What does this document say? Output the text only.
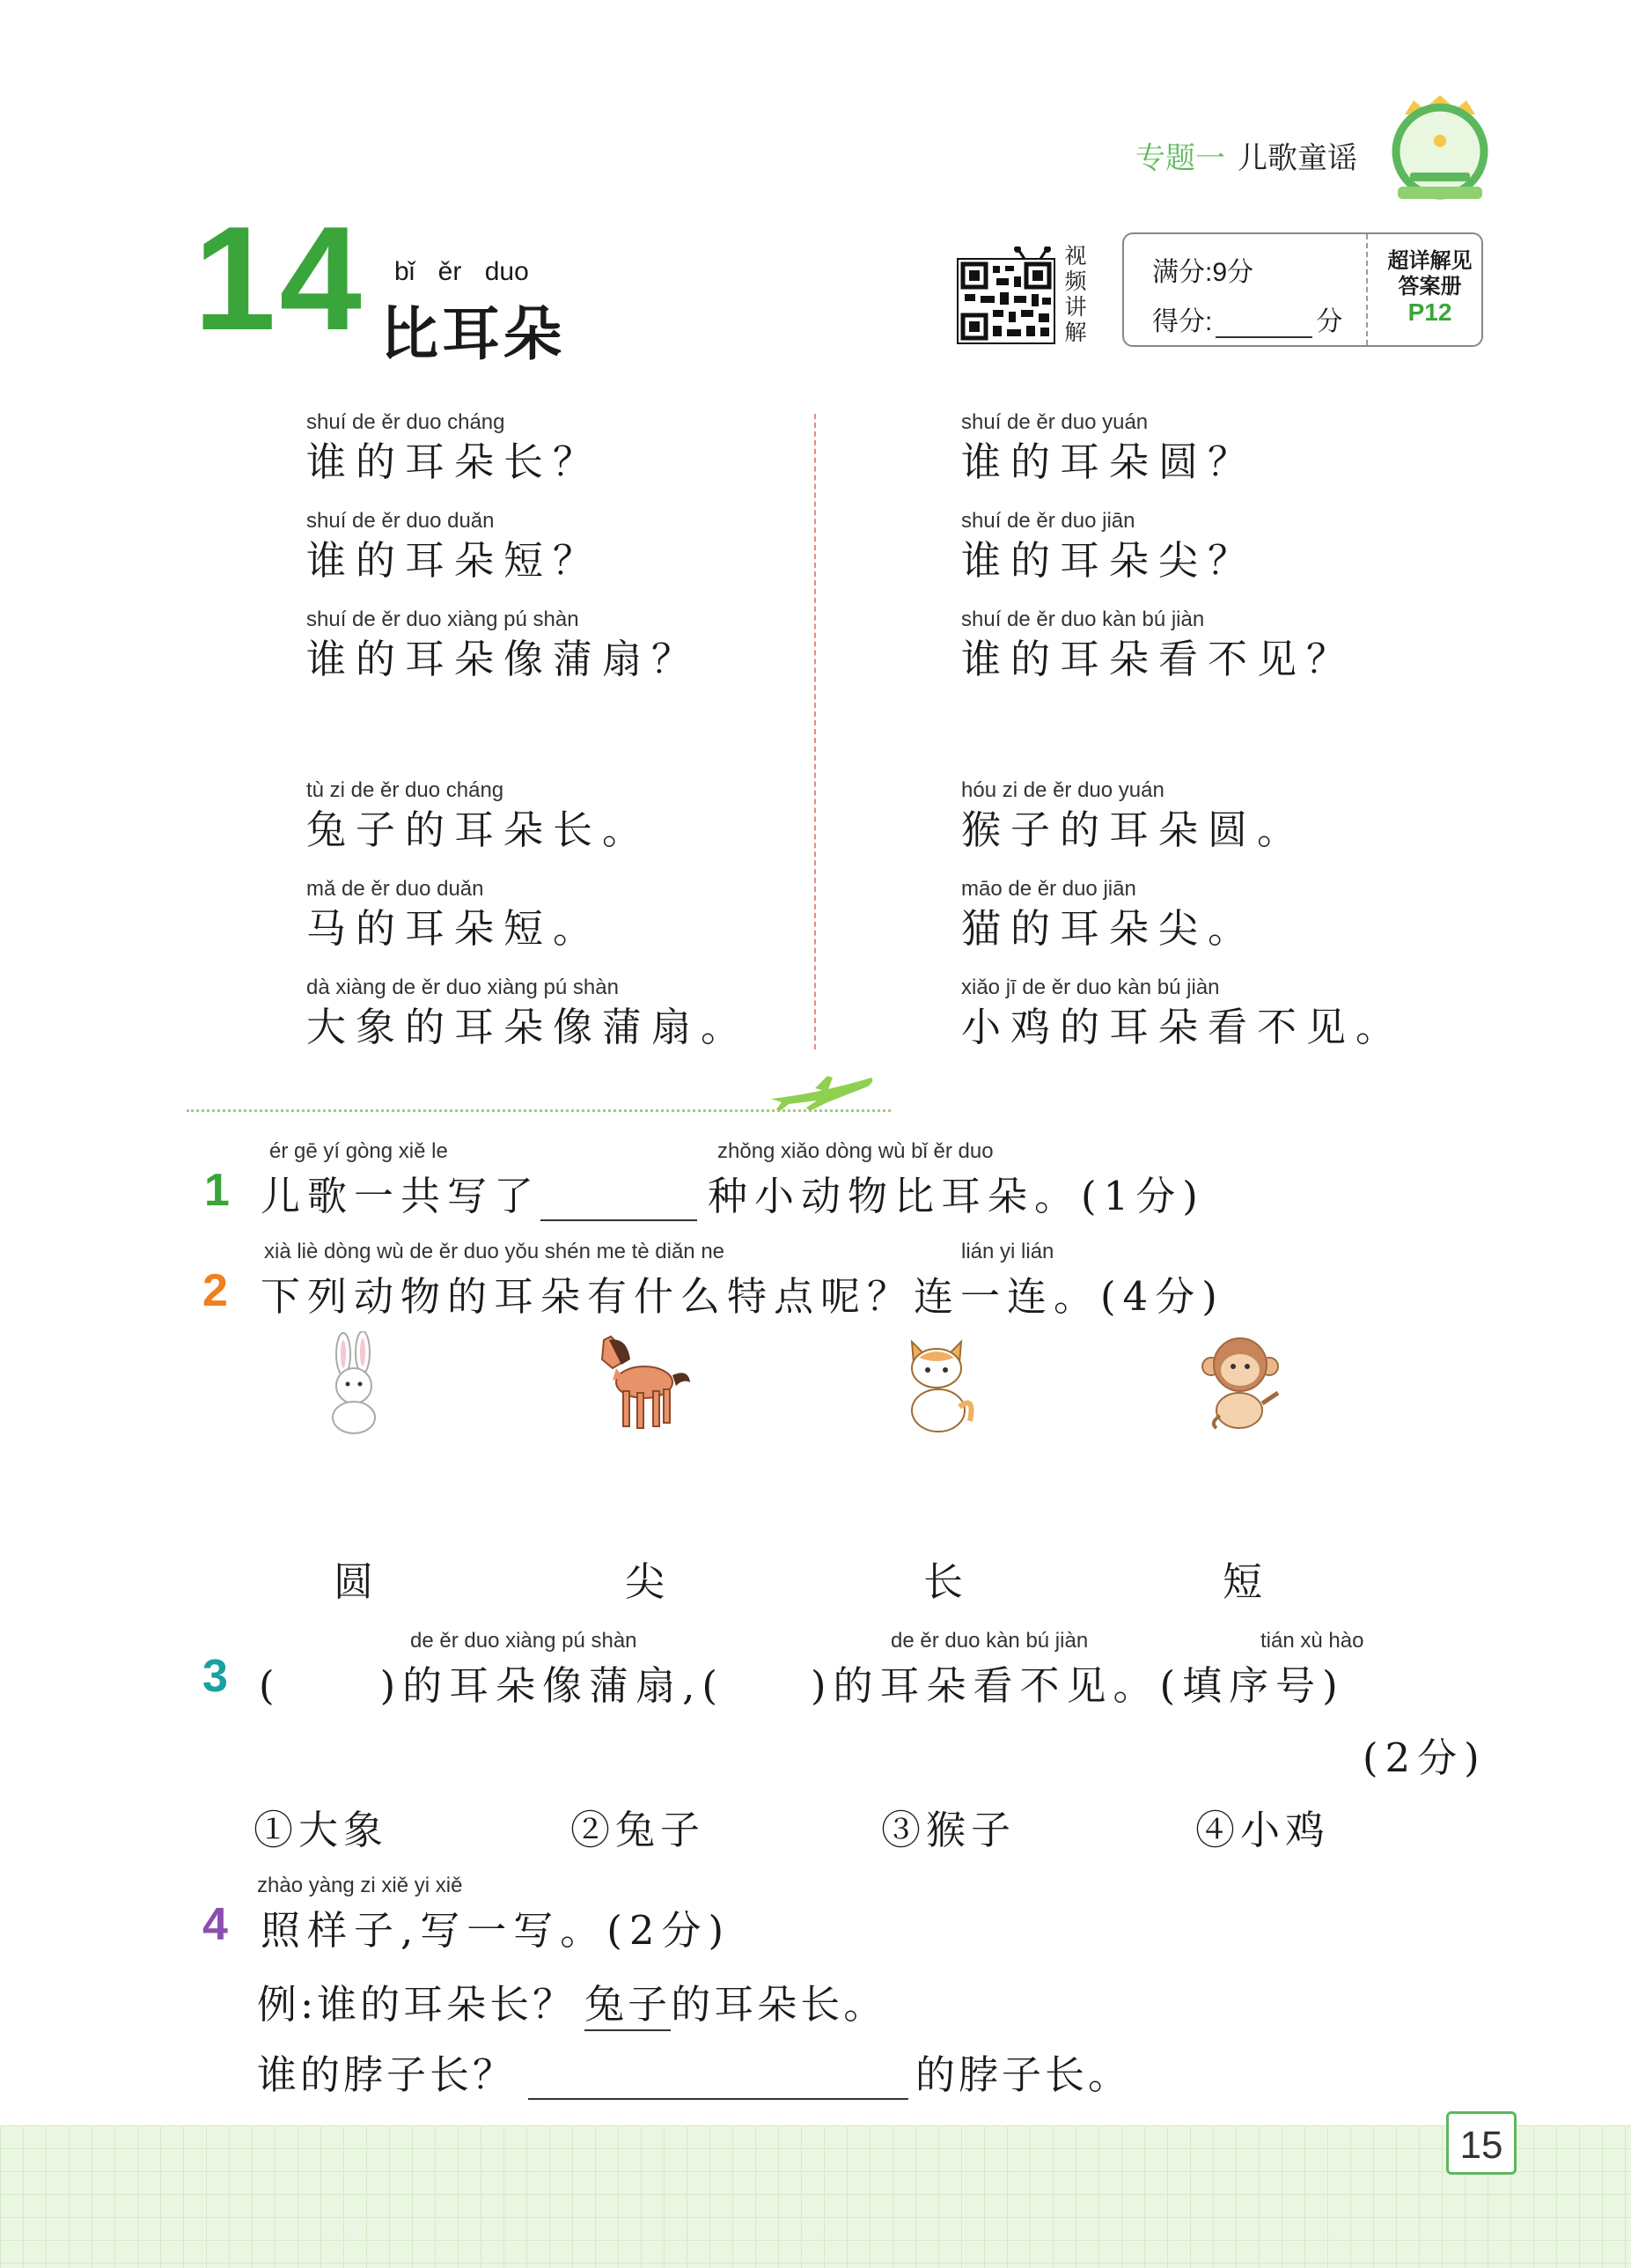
专题一 儿歌童谣
14 bǐ ěr duo
比耳朵
视频讲解
满分:9分
得分:	分
超详解见
答案册
P12
shuí de ěr duo cháng
谁的耳朵长？
shuí de ěr duo duǎn
谁的耳朵短？
shuí de ěr duo xiàng pú shàn
谁的耳朵像蒲扇？
shuí de ěr duo yuán
谁的耳朵圆？
shuí de ěr duo jiān
谁的耳朵尖？
shuí de ěr duo kàn bú jiàn
谁的耳朵看不见？
tù zi de ěr duo cháng
兔子的耳朵长。
mǎ de ěr duo duǎn
马的耳朵短。
dà xiàng de ěr duo xiàng pú shàn
大象的耳朵像蒲扇。
hóu zi de ěr duo yuán
猴子的耳朵圆。
māo de ěr duo jiān
猫的耳朵尖。
xiǎo jī de ěr duo kàn bú jiàn
小鸡的耳朵看不见。
1
ér gē yí gòng xiě le	zhǒng xiǎo dòng wù bǐ ěr duo
儿歌一共写了	种小动物比耳朵。(1分)
2
xià liè dòng wù de ěr duo yǒu shén me tè diǎn ne	lián yi lián
下列动物的耳朵有什么特点呢？连一连。(4分)
圆	尖	长	短
3
de ěr duo xiàng pú shàn	de ěr duo kàn bú jiàn	tián xù hào
( )的耳朵像蒲扇,( )的耳朵看不见。(填序号)
(2分)
①大象	②兔子	③猴子	④小鸡
4
zhào yàng zi xiě yi xiě
照样子,写一写。(2分)
例:谁的耳朵长？ 兔子的耳朵长。
谁的脖子长？	的脖子长。
15
